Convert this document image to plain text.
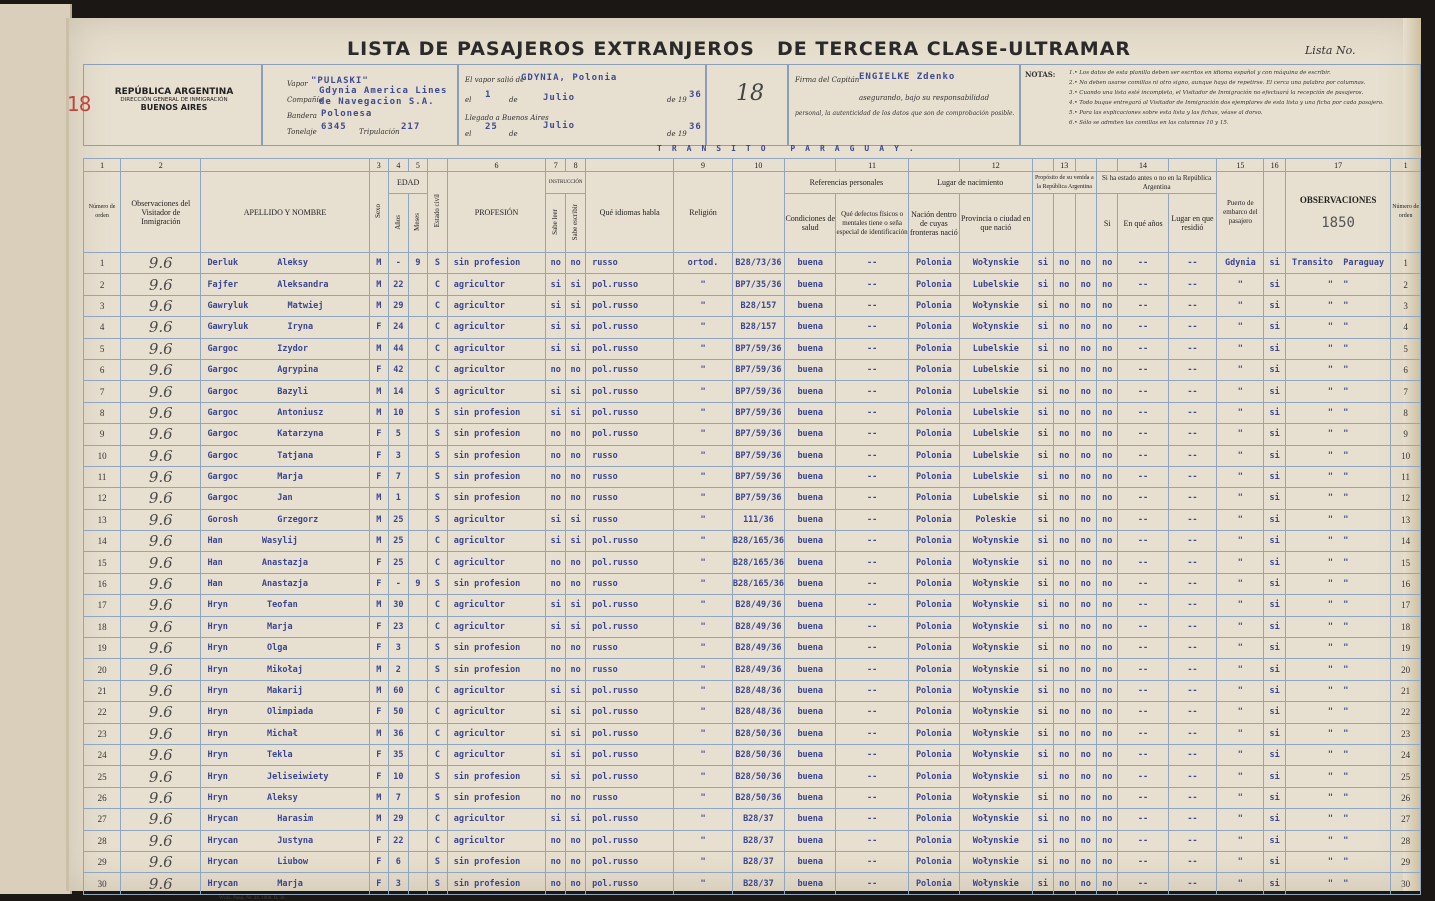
LISTA DE PASAJEROS EXTRANJEROS DE TERCERA CLASE-ULTRAMAR	Lista No.
REPÚBLICA ARGENTINA
DIRECCIÓN GENERAL DE INMIGRACIÓN
BUENOS AIRES
Vapor "PULASKI"
Compañía
Gdynia America Lines
de Navegacion S.A.
Bandera Polonesa
Tonelaje 6345 Tripulación 217
El vapor salió de
GDYNIA, Polonia
el 1	de	Julio	de 19 36
Llegado a Buenos Aires
el
25
de
Julio
de 19
36
18
Firma del Capitán ENGIELKE Zdenko
asegurando, bajo su responsabilidad
personal, la autenticidad de los datos que son de comprobación posible.
NOTAS: 1.• Los datos de esta planilla deben ser escritos en idioma español y con máquina de escribir.
2.• No deben usarse comillas ni otro signo, aunque haya de repetirse. El cerca una palabra por columnas.
3.• Cuando una lista esté incompleta, el Visitador de Inmigración no efectuará la recepción de pasajeros.
4.• Todo buque entregará al Visitador de Inmigración dos ejemplares de esta lista y una ficha por cada pasajero.
5.• Para las explicaciones sobre esta lista y las fichas, véase al dorso.
6.• Sólo se admiten las comillas en las columnas 10 y 15.
TRANSITO PARAGUAY.
1	2		3	4	5		6	7	8		9	10		11		12		13			14		15	16	17	1
Número de orden	Observaciones del Visitador de Inmigración	APELLIDO Y NOMBRE	Sexo	EDAD		Estado civil	PROFESIÓN	INSTRUCCIÓN		Qué idiomas habla	Religión		Referencias personales		Lugar de nacimiento		Propósito de su venida a la República Argentina			Si ha estado antes o no en la República Argentina			Puerto de embarco del pasajero		OBSERVACIONES
1850	Número de orden
				Años	Meses			Sabe leer	Sabe escribir				Condiciones de salud	Qué defectos físicos o mentales tiene o seña especial de identificación	Nación dentro de cuyas fronteras nació	Provincia o ciudad en que nació				Si	En qué años	Lugar en que residió				
1	9.6	Derluk Aleksy	M	-	9	S	sin profesion	no	no	russo	ortod.	B28/73/36	buena	--	Polonia	Wołynskie	si	no	no	no	--	--	Gdynia	si	Transito Paraguay	1
2	9.6	Fajfer Aleksandra	M	22		C	agricultor	si	si	pol.russo	"	BP7/35/36	buena	--	Polonia	Lubelskie	si	no	no	no	--	--	"	si	" "	2
3	9.6	Gawryluk Matwiej	M	29		C	agricultor	si	si	pol.russo	"	B28/157	buena	--	Polonia	Wołynskie	si	no	no	no	--	--	"	si	" "	3
4	9.6	Gawryluk Iryna	F	24		C	agricultor	si	si	pol.russo	"	B28/157	buena	--	Polonia	Wołynskie	si	no	no	no	--	--	"	si	" "	4
5	9.6	Gargoc Izydor	M	44		C	agricultor	si	si	pol.russo	"	BP7/59/36	buena	--	Polonia	Lubelskie	si	no	no	no	--	--	"	si	" "	5
6	9.6	Gargoc Agrypina	F	42		C	agricultor	no	no	pol.russo	"	BP7/59/36	buena	--	Polonia	Lubelskie	si	no	no	no	--	--	"	si	" "	6
7	9.6	Gargoc Bazyli	M	14		S	agricultor	si	si	pol.russo	"	BP7/59/36	buena	--	Polonia	Lubelskie	si	no	no	no	--	--	"	si	" "	7
8	9.6	Gargoc Antoniusz	M	10		S	sin profesion	si	si	pol.russo	"	BP7/59/36	buena	--	Polonia	Lubelskie	si	no	no	no	--	--	"	si	" "	8
9	9.6	Gargoc Katarzyna	F	5		S	sin profesion	no	no	pol.russo	"	BP7/59/36	buena	--	Polonia	Lubelskie	si	no	no	no	--	--	"	si	" "	9
10	9.6	Gargoc Tatjana	F	3		S	sin profesion	no	no	russo	"	BP7/59/36	buena	--	Polonia	Lubelskie	si	no	no	no	--	--	"	si	" "	10
11	9.6	Gargoc Marja	F	7		S	sin profesion	no	no	russo	"	BP7/59/36	buena	--	Polonia	Lubelskie	si	no	no	no	--	--	"	si	" "	11
12	9.6	Gargoc Jan	M	1		S	sin profesion	no	no	russo	"	BP7/59/36	buena	--	Polonia	Lubelskie	si	no	no	no	--	--	"	si	" "	12
13	9.6	Gorosh Grzegorz	M	25		S	agricultor	si	si	russo	"	111/36	buena	--	Polonia	Poleskie	si	no	no	no	--	--	"	si	" "	13
14	9.6	Han Wasylij	M	25		C	agricultor	si	si	pol.russo	"	B28/165/36	buena	--	Polonia	Wołynskie	si	no	no	no	--	--	"	si	" "	14
15	9.6	Han Anastazja	F	25		C	agricultor	no	no	pol.russo	"	B28/165/36	buena	--	Polonia	Wołynskie	si	no	no	no	--	--	"	si	" "	15
16	9.6	Han Anastazja	F	-	9	S	sin profesion	no	no	russo	"	B28/165/36	buena	--	Polonia	Wołynskie	si	no	no	no	--	--	"	si	" "	16
17	9.6	Hryn Teofan	M	30		C	agricultor	si	si	pol.russo	"	B28/49/36	buena	--	Polonia	Wołynskie	si	no	no	no	--	--	"	si	" "	17
18	9.6	Hryn Marja	F	23		C	agricultor	si	si	pol.russo	"	B28/49/36	buena	--	Polonia	Wołynskie	si	no	no	no	--	--	"	si	" "	18
19	9.6	Hryn Olga	F	3		S	sin profesion	no	no	russo	"	B28/49/36	buena	--	Polonia	Wołynskie	si	no	no	no	--	--	"	si	" "	19
20	9.6	Hryn Mikołaj	M	2		S	sin profesion	no	no	russo	"	B28/49/36	buena	--	Polonia	Wołynskie	si	no	no	no	--	--	"	si	" "	20
21	9.6	Hryn Makarij	M	60		C	agricultor	si	si	pol.russo	"	B28/48/36	buena	--	Polonia	Wołynskie	si	no	no	no	--	--	"	si	" "	21
22	9.6	Hryn Olimpiada	F	50		C	agricultor	si	si	pol.russo	"	B28/48/36	buena	--	Polonia	Wołynskie	si	no	no	no	--	--	"	si	" "	22
23	9.6	Hryn Michał	M	36		C	agricultor	si	si	pol.russo	"	B28/50/36	buena	--	Polonia	Wołynskie	si	no	no	no	--	--	"	si	" "	23
24	9.6	Hryn Tekla	F	35		C	agricultor	si	si	pol.russo	"	B28/50/36	buena	--	Polonia	Wołynskie	si	no	no	no	--	--	"	si	" "	24
25	9.6	Hryn Jeliseiwiety	F	10		S	sin profesion	si	si	pol.russo	"	B28/50/36	buena	--	Polonia	Wołynskie	si	no	no	no	--	--	"	si	" "	25
26	9.6	Hryn Aleksy	M	7		S	sin profesion	no	no	russo	"	B28/50/36	buena	--	Polonia	Wołynskie	si	no	no	no	--	--	"	si	" "	26
27	9.6	Hrycan Harasim	M	29		C	agricultor	si	si	pol.russo	"	B28/37	buena	--	Polonia	Wołynskie	si	no	no	no	--	--	"	si	" "	27
28	9.6	Hrycan Justyna	F	22		C	agricultor	no	no	pol.russo	"	B28/37	buena	--	Polonia	Wołynskie	si	no	no	no	--	--	"	si	" "	28
29	9.6	Hrycan Liubow	F	6		S	sin profesion	no	no	pol.russo	"	B28/37	buena	--	Polonia	Wołynskie	si	no	no	no	--	--	"	si	" "	29
30	9.6	Hrycan Marja	F	3		S	sin profesion	no	no	pol.russo	"	B28/37	buena	--	Polonia	Wołynskie	si	no	no	no	--	--	"	si	" "	30
Wydz. Pasaj. Nr. 44. 1000. II. 36.
18
